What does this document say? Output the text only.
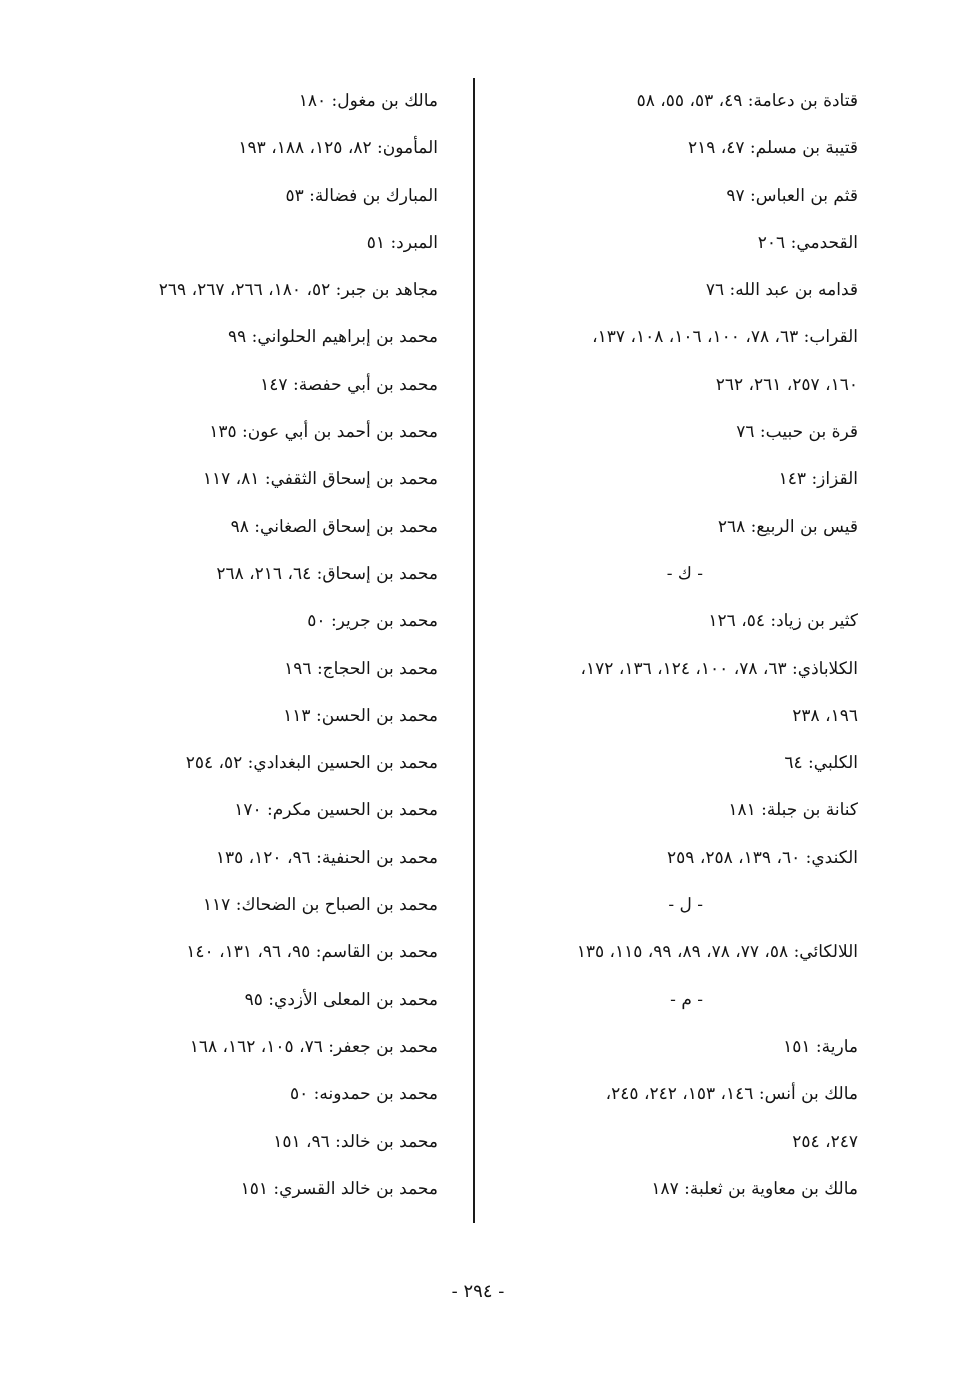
قتادة بن دعامة: ٤٩، ٥٣، ٥٥، ٥٨
قتيبة بن مسلم: ٤٧، ٢١٩
قثم بن العباس: ٩٧
القحدمي: ٢٠٦
قدامه بن عبد الله: ٧٦
القراب: ٦٣، ٧٨، ١٠٠، ١٠٦، ١٠٨، ١٣٧،
١٦٠، ٢٥٧، ٢٦١، ٢٦٢
قرة بن حبيب: ٧٦
القزاز: ١٤٣
قيس بن الربيع: ٢٦٨
- ك -
كثير بن زياد: ٥٤، ١٢٦
الكلاباذي: ٦٣، ٧٨، ١٠٠، ١٢٤، ١٣٦، ١٧٢،
١٩٦، ٢٣٨
الكلبي: ٦٤
كنانة بن جبلة: ١٨١
الكندي: ٦٠، ١٣٩، ٢٥٨، ٢٥٩
- ل -
اللالكائي: ٥٨، ٧٧، ٧٨، ٨٩، ٩٩، ١١٥، ١٣٥
- م -
مارية: ١٥١
مالك بن أنس: ١٤٦، ١٥٣، ٢٤٢، ٢٤٥،
٢٤٧، ٢٥٤
مالك بن معاوية بن ثعلبة: ١٨٧
مالك بن مغول: ١٨٠
المأمون: ٨٢، ١٢٥، ١٨٨، ١٩٣
المبارك بن فضالة: ٥٣
المبرد: ٥١
مجاهد بن جبر: ٥٢، ١٨٠، ٢٦٦، ٢٦٧، ٢٦٩
محمد بن إبراهيم الحلواني: ٩٩
محمد بن أبي حفصة: ١٤٧
محمد بن أحمد بن أبي عون: ١٣٥
محمد بن إسحاق الثقفي: ٨١، ١١٧
محمد بن إسحاق الصغاني: ٩٨
محمد بن إسحاق: ٦٤، ٢١٦، ٢٦٨
محمد بن جرير: ٥٠
محمد بن الحجاج: ١٩٦
محمد بن الحسن: ١١٣
محمد بن الحسين البغدادي: ٥٢، ٢٥٤
محمد بن الحسين مكرم: ١٧٠
محمد بن الحنفية: ٩٦، ١٢٠، ١٣٥
محمد بن الصباح بن الضحاك: ١١٧
محمد بن القاسم: ٩٥، ٩٦، ١٣١، ١٤٠
محمد بن المعلى الأزدي: ٩٥
محمد بن جعفر: ٧٦، ١٠٥، ١٦٢، ١٦٨
محمد بن حمدونه: ٥٠
محمد بن خالد: ٩٦، ١٥١
محمد بن خالد القسري: ١٥١
- ٢٩٤ -
